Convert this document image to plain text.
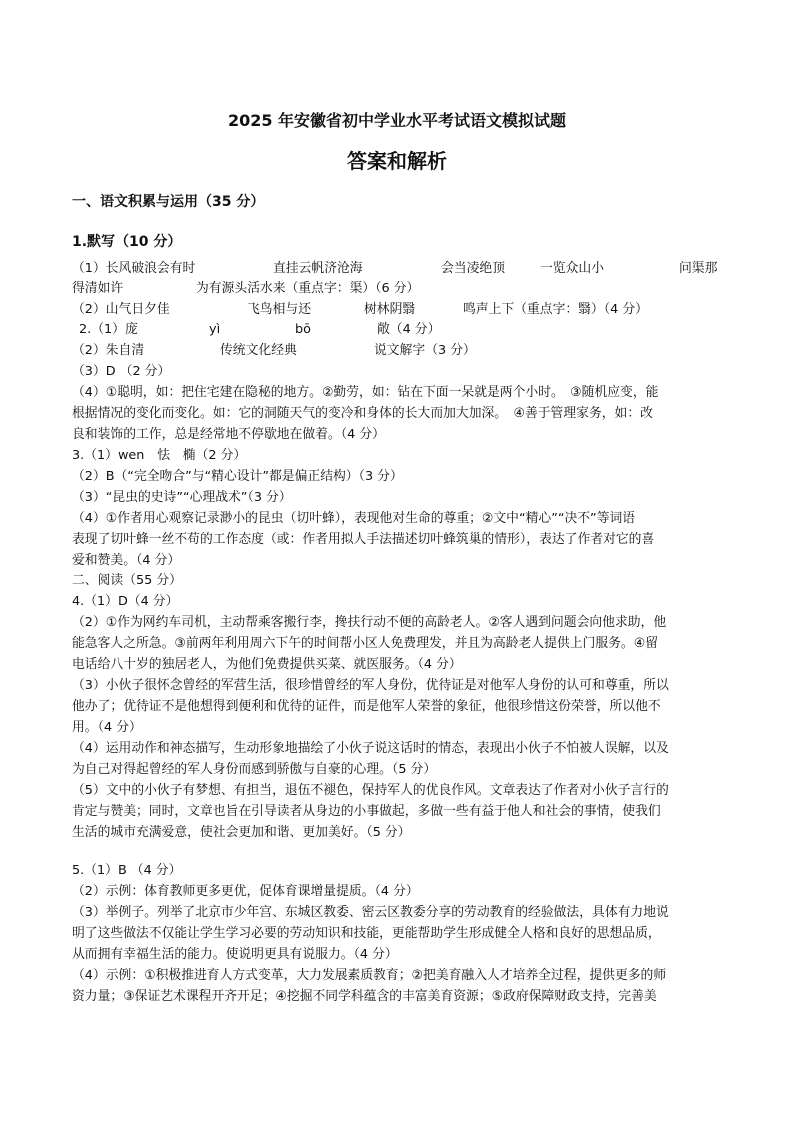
2025 年安徽省初中学业水平考试语文模拟试题
答案和解析
一、语文积累与运用（35 分）
1.默写（10 分）
（1）长风破浪会有时	直挂云帆济沧海	会当凌绝顶	一览众山小	问渠那
得清如许	为有源头活水来（重点字：渠）（6 分）
（2）山气日夕佳	飞鸟相与还	树林阴翳	鸣声上下（重点字：翳）（4 分）
2.（1）庞	yì	bō	敞（4 分）
（2）朱自清	传统文化经典	说文解字（3 分）
（3）D （2 分）
（4）①聪明，如：把住宅建在隐秘的地方。②勤劳，如：钻在下面一呆就是两个小时。　③随机应变，能
根据情况的变化而变化。如：它的洞随天气的变冷和身体的长大而加大加深。　④善于管理家务，如：改
良和装饰的工作，总是经常地不停歇地在做着。（4 分）
3.（1）wen　怯　椭（2 分）
（2）B（“完全吻合”与“精心设计”都是偏正结构）（3 分）
（3）“昆虫的史诗”“心理战术”（3 分）
（4）①作者用心观察记录渺小的昆虫（切叶蜂），表现他对生命的尊重；②文中“精心”“决不”等词语
表现了切叶蜂一丝不苟的工作态度（或：作者用拟人手法描述切叶蜂筑巢的情形），表达了作者对它的喜
爱和赞美。（4 分）
二、阅读（55 分）
4.（1）D（4 分）
（2）①作为网约车司机，主动帮乘客搬行李，搀扶行动不便的高龄老人。②客人遇到问题会向他求助，他
能急客人之所急。③前两年利用周六下午的时间帮小区人免费理发，并且为高龄老人提供上门服务。④留
电话给八十岁的独居老人，为他们免费提供买菜、就医服务。（4 分）
（3）小伙子很怀念曾经的军营生活，很珍惜曾经的军人身份，优待证是对他军人身份的认可和尊重，所以
他办了；优待证不是他想得到便利和优待的证件，而是他军人荣誉的象征，他很珍惜这份荣誉，所以他不
用。（4 分）
（4）运用动作和神态描写，生动形象地描绘了小伙子说这话时的情态，表现出小伙子不怕被人误解，以及
为自己对得起曾经的军人身份而感到骄傲与自豪的心理。（5 分）
（5）文中的小伙子有梦想、有担当，退伍不褪色，保持军人的优良作风。文章表达了作者对小伙子言行的
肯定与赞美；同时，文章也旨在引导读者从身边的小事做起，多做一些有益于他人和社会的事情，使我们
生活的城市充满爱意，使社会更加和谐、更加美好。（5 分）
5.（1）B （4 分）
（2）示例：体育教师更多更优，促体育课增量提质。（4 分）
（3）举例子。列举了北京市少年宫、东城区教委、密云区教委分享的劳动教育的经验做法，具体有力地说
明了这些做法不仅能让学生学习必要的劳动知识和技能，更能帮助学生形成健全人格和良好的思想品质，
从而拥有幸福生活的能力。使说明更具有说服力。（4 分）
（4）示例：①积极推进育人方式变革，大力发展素质教育；②把美育融入人才培养全过程，提供更多的师
资力量；③保证艺术课程开齐开足；④挖掘不同学科蕴含的丰富美育资源；⑤政府保障财政支持，完善美
